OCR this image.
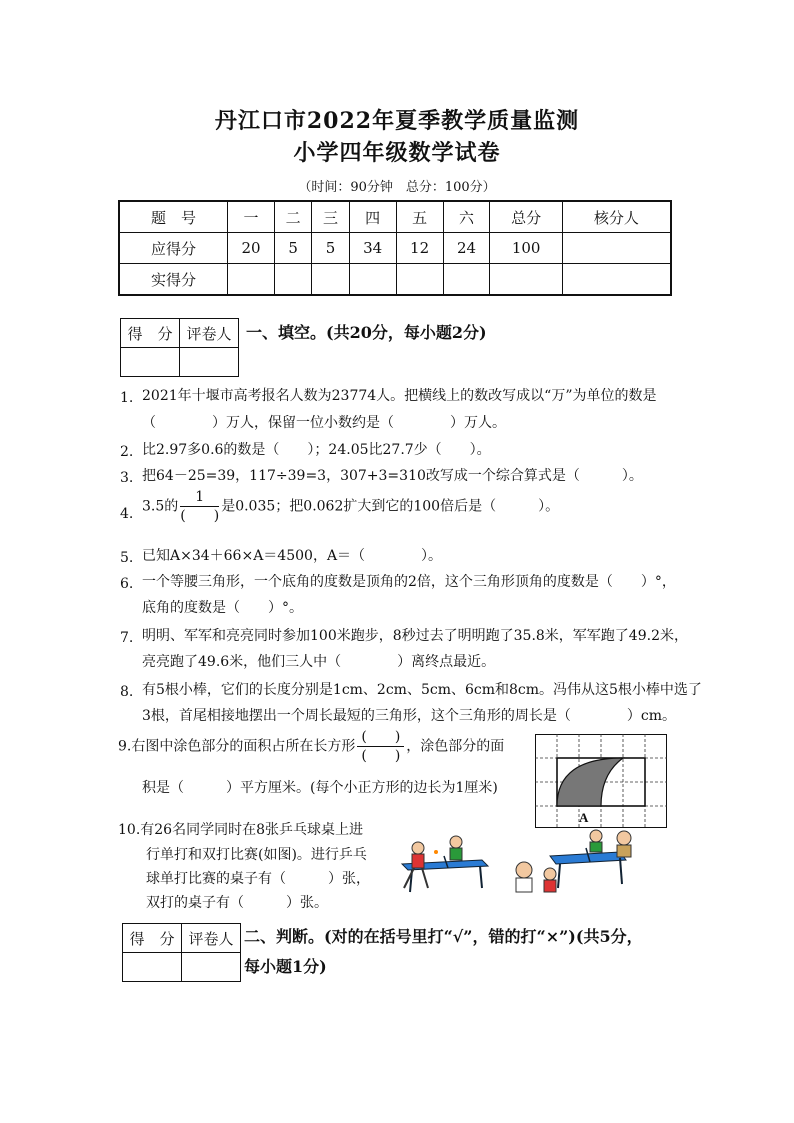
丹江口市2022年夏季教学质量监测
小学四年级数学试卷
（时间：90分钟　总分：100分）
题　号	一	二	三	四	五	六	总分	核分人
应得分	20	5	5	34	12	24	100	
实得分								
得　分	评卷人
	一、填空。(共20分，每小题2分)
1. 2021年十堰市高考报名人数为23774人。把横线上的数改写成以“万”为单位的数是
（　　　　）万人，保留一位小数约是（　　　　）万人。
2. 比2.97多0.6的数是（　　）；24.05比27.7少（　　）。
3. 把64－25=39，117÷39=3，307+3=310改写成一个综合算式是（　　　）。
4. 3.5的 $\frac{1}{( )}$ 是0.035；把0.062扩大到它的100倍后是（　　　）。
5. 已知A×34＋66×A＝4500，A＝（　　　　）。
6. 一个等腰三角形，一个底角的度数是顶角的2倍，这个三角形顶角的度数是（　　）°，
底角的度数是（　　）°。
7. 明明、军军和亮亮同时参加100米跑步，8秒过去了明明跑了35.8米，军军跑了49.2米，
亮亮跑了49.6米，他们三人中（　　　　）离终点最近。
8. 有5根小棒，它们的长度分别是1cm、2cm、5cm、6cm和8cm。冯伟从这5根小棒中选了
3根，首尾相接地摆出一个周长最短的三角形，这个三角形的周长是（　　　　）cm。
9.右图中涂色部分的面积占所在长方形 $\frac{( )}{( )}$ ，涂色部分的面
积是（　　　）平方厘米。(每个小正方形的边长为1厘米)
A
10.有26名同学同时在8张乒乓球桌上进
行单打和双打比赛(如图)。进行乒乓
球单打比赛的桌子有（　　　）张，
双打的桌子有（　　　）张。
得　分	评卷人
	二、判断。(对的在括号里打“√”，错的打“×”)(共5分，
每小题1分)
